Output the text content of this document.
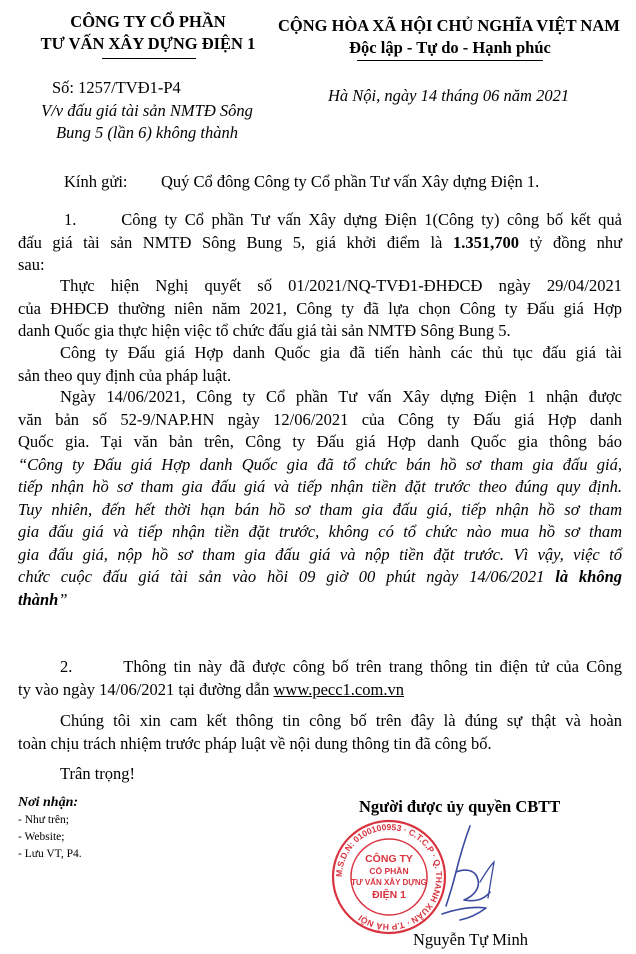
CÔNG TY CỔ PHẦN
TƯ VẤN XÂY DỰNG ĐIỆN 1
CỘNG HÒA XÃ HỘI CHỦ NGHĨA VIỆT NAM
Độc lập - Tự do - Hạnh phúc
Số: 1257/TVĐ1-P4
V/v đấu giá tài sản NMTĐ Sông
Bung 5 (lần 6) không thành
Hà Nội, ngày 14 tháng 06 năm 2021
Kính gửi: Quý Cổ đông Công ty Cổ phần Tư vấn Xây dựng Điện 1.

1.	Công ty Cổ phần Tư vấn Xây dựng Điện 1(Công ty) công bố kết quả

đấu giá tài sản NMTĐ Sông Bung 5, giá khởi điểm là 1.351,700 tỷ đồng như

sau:

Thực hiện Nghị quyết số 01/2021/NQ-TVĐ1-ĐHĐCĐ ngày 29/04/2021

của ĐHĐCĐ thường niên năm 2021, Công ty đã lựa chọn Công ty Đấu giá Hợp

danh Quốc gia thực hiện việc tổ chức đấu giá tài sản NMTĐ Sông Bung 5.

Công ty Đấu giá Hợp danh Quốc gia đã tiến hành các thủ tục đấu giá tài

sản theo quy định của pháp luật.

Ngày 14/06/2021, Công ty Cổ phần Tư vấn Xây dựng Điện 1 nhận được

văn bản số 52-9/NAP.HN ngày 12/06/2021 của Công ty Đấu giá Hợp danh

Quốc gia. Tại văn bản trên, Công ty Đấu giá Hợp danh Quốc gia thông báo

“Công ty Đấu giá Hợp danh Quốc gia đã tổ chức bán hồ sơ tham gia đấu giá,

tiếp nhận hồ sơ tham gia đấu giá và tiếp nhận tiền đặt trước theo đúng quy định.

Tuy nhiên, đến hết thời hạn bán hồ sơ tham gia đấu giá, tiếp nhận hồ sơ tham

gia đấu giá và tiếp nhận tiền đặt trước, không có tổ chức nào mua hồ sơ tham

gia đấu giá, nộp hồ sơ tham gia đấu giá và nộp tiền đặt trước. Vì vậy, việc tổ

chức cuộc đấu giá tài sản vào hồi 09 giờ 00 phút ngày 14/06/2021 là không

thành”

2.	Thông tin này đã được công bố trên trang thông tin điện tử của Công

ty vào ngày 14/06/2021 tại đường dẫn www.pecc1.com.vn

Chúng tôi xin cam kết thông tin công bố trên đây là đúng sự thật và hoàn

toàn chịu trách nhiệm trước pháp luật về nội dung thông tin đã công bố.

Trân trọng!
Nơi nhận:
- Như trên;
- Website;
- Lưu VT, P4.
Người được ủy quyền CBTT
M.S.D.N: 0100100953 · C.T.C.P · Q. THANH XUÂN · T.P HÀ NỘI
CÔNG TY
CỔ PHẦN
TƯ VẤN XÂY DỰNG
ĐIỆN 1
Nguyễn Tự Minh
